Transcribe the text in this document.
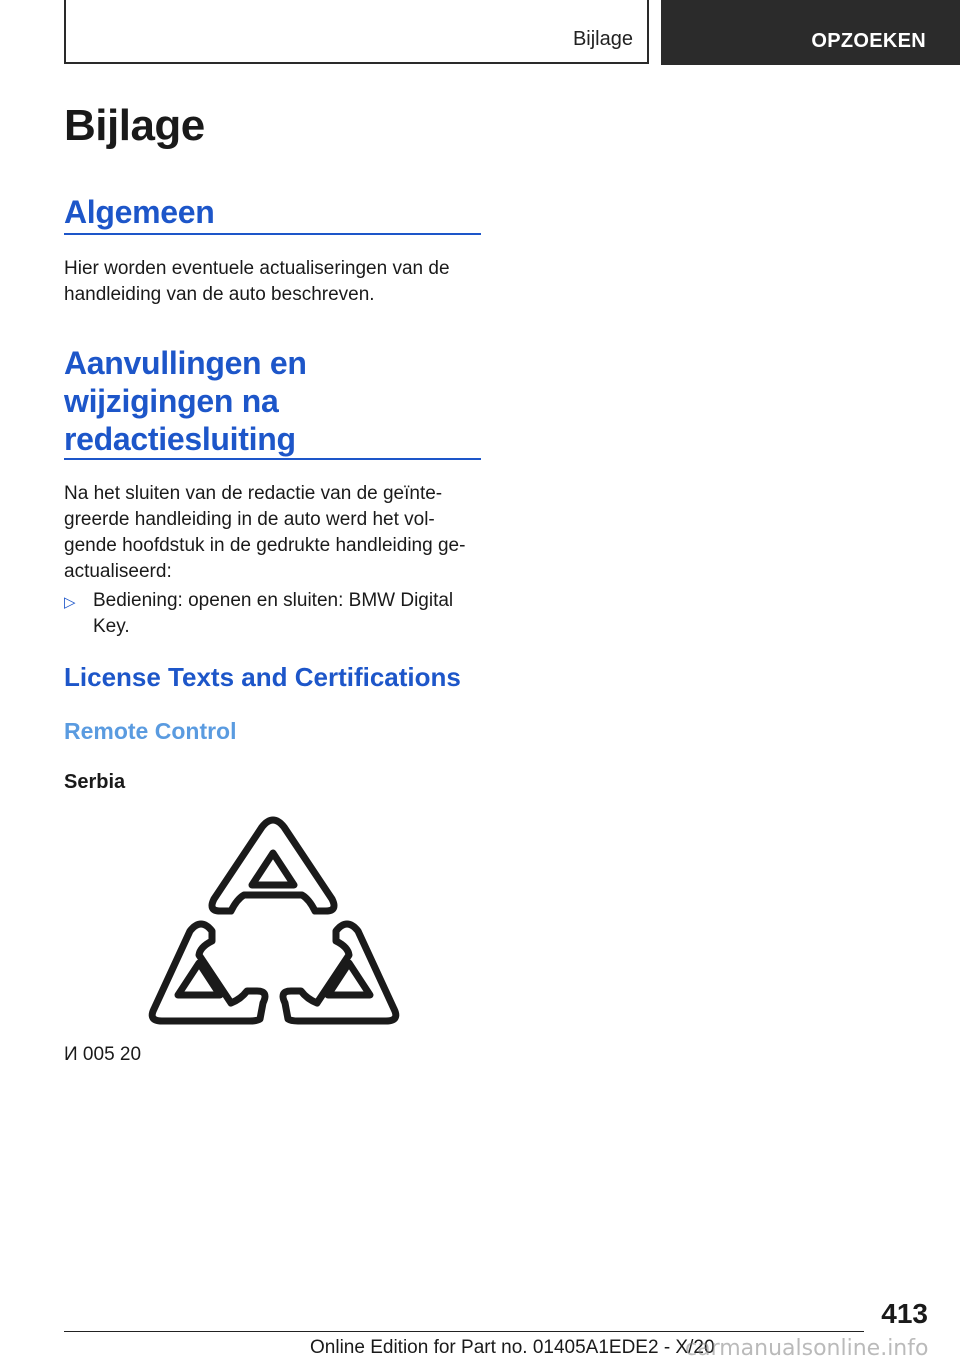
Bijlage	OPZOEKEN
Bijlage
Algemeen

Hier worden eventuele actualiseringen van de
handleiding van de auto beschreven.

Aanvullingen en
wijzigingen na
redactiesluiting

Na het sluiten van de redactie van de geïnte-
greerde handleiding in de auto werd het vol-
gende hoofdstuk in de gedrukte handleiding ge-
actualiseerd:

▷ Bediening: openen en sluiten: BMW Digital
Key.

License Texts and Certifications
Remote Control
Serbia
И 005 20
413
Online Edition for Part no. 01405A1EDE2 - X/20
carmanualsonline.info
